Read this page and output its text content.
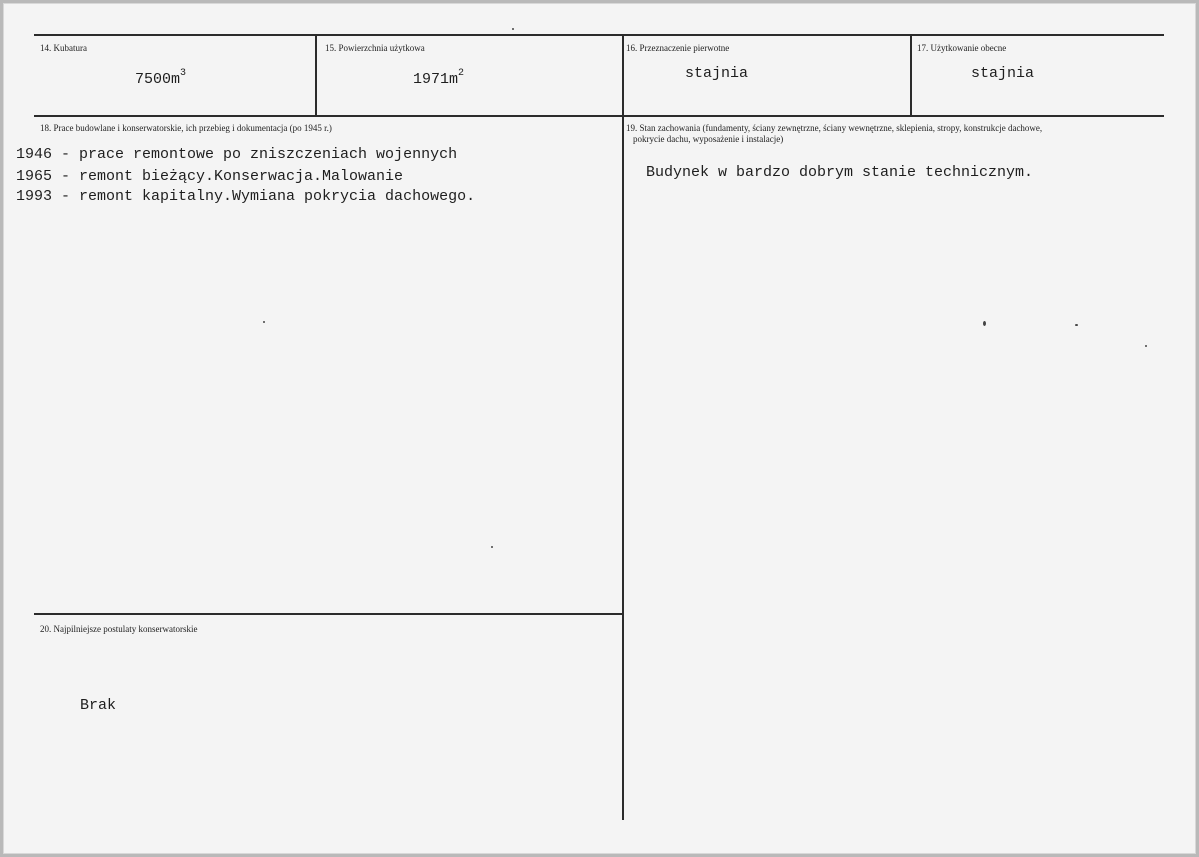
14. Kubatura
$7500m^3$
15. Powierzchnia użytkowa
$1971m^2$
16. Przeznaczenie pierwotne
stajnia
17. Użytkowanie obecne
stajnia
18. Prace budowlane i konserwatorskie, ich przebieg i dokumentacja (po 1945 r.)
1946 - prace remontowe po zniszczeniach wojennych
1965 - remont bieżący.Konserwacja.Malowanie
1993 - remont kapitalny.Wymiana pokrycia dachowego.
19. Stan zachowania (fundamenty, ściany zewnętrzne, ściany wewnętrzne, sklepienia, stropy, konstrukcje dachowe,
pokrycie dachu, wyposażenie i instalacje)
Budynek w bardzo dobrym stanie technicznym.
20. Najpilniejsze postulaty konserwatorskie
Brak
